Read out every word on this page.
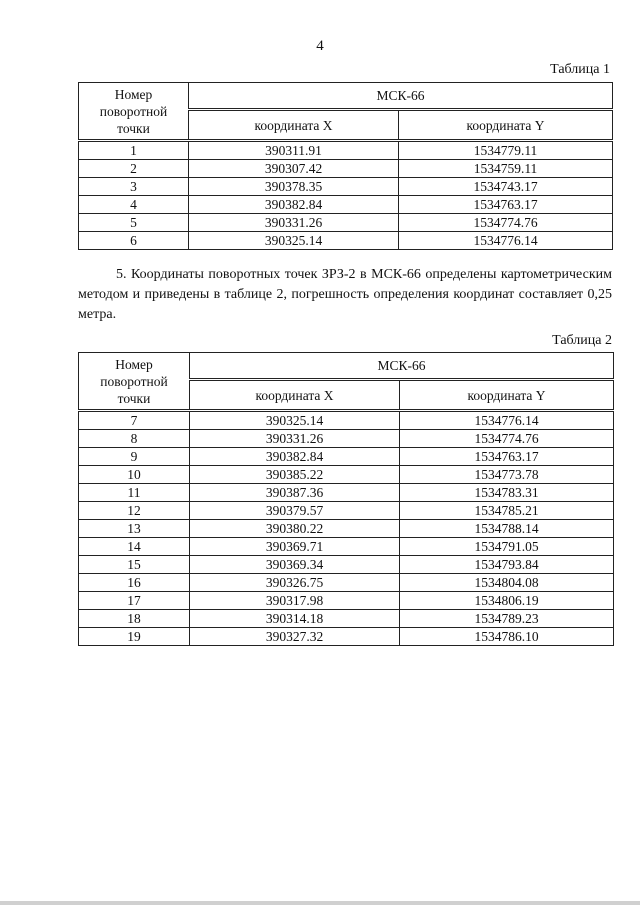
4
Таблица 1
Номер поворотной точки	МСК-66	
	координата X	координата Y
1	390311.91	1534779.11
2	390307.42	1534759.11
3	390378.35	1534743.17
4	390382.84	1534763.17
5	390331.26	1534774.76
6	390325.14	1534776.14
5. Координаты поворотных точек ЗРЗ-2 в МСК-66 определены картометрическим методом и приведены в таблице 2, погрешность определения координат составляет 0,25 метра.
Таблица 2
Номер поворотной точки	МСК-66	
	координата X	координата Y
7	390325.14	1534776.14
8	390331.26	1534774.76
9	390382.84	1534763.17
10	390385.22	1534773.78
11	390387.36	1534783.31
12	390379.57	1534785.21
13	390380.22	1534788.14
14	390369.71	1534791.05
15	390369.34	1534793.84
16	390326.75	1534804.08
17	390317.98	1534806.19
18	390314.18	1534789.23
19	390327.32	1534786.10
